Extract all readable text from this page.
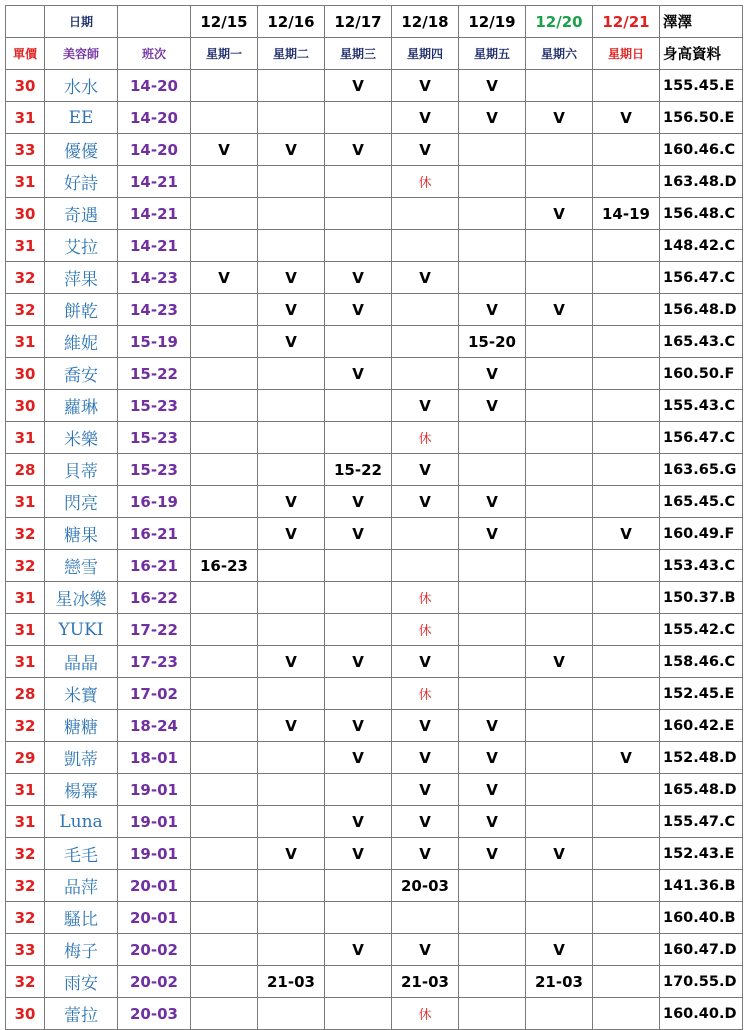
	日期		12/15	12/16	12/17	12/18	12/19	12/20	12/21	澤澤
單價	美容師	班次	星期一	星期二	星期三	星期四	星期五	星期六	星期日	身高資料
30	水水	14-20			V	V	V			155.45.E
31	EE	14-20				V	V	V	V	156.50.E
33	優優	14-20	V	V	V	V				160.46.C
31	好詩	14-21				休				163.48.D
30	奇遇	14-21						V	14-19	156.48.C
31	艾拉	14-21								148.42.C
32	萍果	14-23	V	V	V	V				156.47.C
32	餅乾	14-23		V	V		V	V		156.48.D
31	維妮	15-19		V			15-20			165.43.C
30	喬安	15-22			V		V			160.50.F
30	蘿琳	15-23				V	V			155.43.C
31	米樂	15-23				休				156.47.C
28	貝蒂	15-23			15-22	V				163.65.G
31	閃亮	16-19		V	V	V	V			165.45.C
32	糖果	16-21		V	V		V		V	160.49.F
32	戀雪	16-21	16-23							153.43.C
31	星冰樂	16-22				休				150.37.B
31	YUKI	17-22				休				155.42.C
31	晶晶	17-23		V	V	V		V		158.46.C
28	米寶	17-02				休				152.45.E
32	糖糖	18-24		V	V	V	V			160.42.E
29	凱蒂	18-01			V	V	V		V	152.48.D
31	楊冪	19-01				V	V			165.48.D
31	Luna	19-01			V	V	V			155.47.C
32	毛毛	19-01		V	V	V	V	V		152.43.E
32	品萍	20-01				20-03				141.36.B
32	騷比	20-01								160.40.B
33	梅子	20-02			V	V		V		160.47.D
32	雨安	20-02		21-03		21-03		21-03		170.55.D
30	蕾拉	20-03				休				160.40.D
